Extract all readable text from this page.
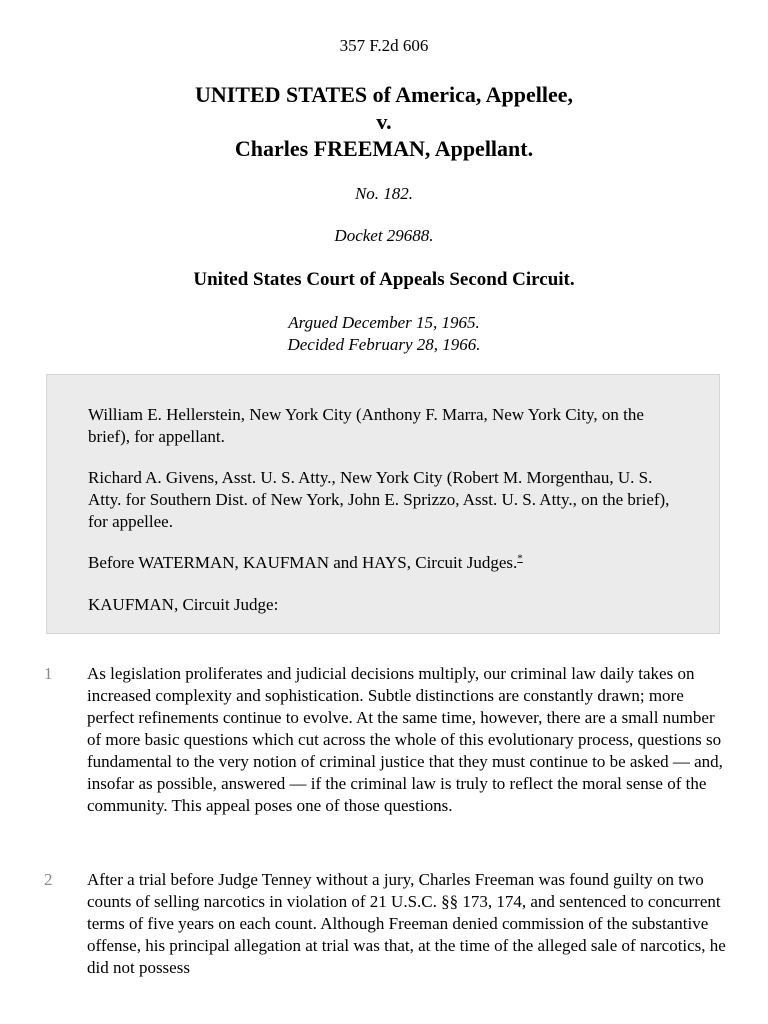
357 F.2d 606
UNITED STATES of America, Appellee,
v.
Charles FREEMAN, Appellant.
No. 182.
Docket 29688.
United States Court of Appeals Second Circuit.
Argued December 15, 1965.
Decided February 28, 1966.

William E. Hellerstein, New York City (Anthony F. Marra, New York City, on the brief), for appellant.

Richard A. Givens, Asst. U. S. Atty., New York City (Robert M. Morgenthau, U. S. Atty. for Southern Dist. of New York, John E. Sprizzo, Asst. U. S. Atty., on the brief), for appellee.

Before WATERMAN, KAUFMAN and HAYS, Circuit Judges.*

KAUFMAN, Circuit Judge:

1	As legislation proliferates and judicial decisions multiply, our criminal law daily takes on increased complexity and sophistication. Subtle distinctions are constantly drawn; more perfect refinements continue to evolve. At the same time, however, there are a small number of more basic questions which cut across the whole of this evolutionary process, questions so fundamental to the very notion of criminal justice that they must continue to be asked — and, insofar as possible, answered — if the criminal law is truly to reflect the moral sense of the community. This appeal poses one of those questions.

2	After a trial before Judge Tenney without a jury, Charles Freeman was found guilty on two counts of selling narcotics in violation of 21 U.S.C. §§ 173, 174, and sentenced to concurrent terms of five years on each count. Although Freeman denied commission of the substantive offense, his principal allegation at trial was that, at the time of the alleged sale of narcotics, he did not possess
